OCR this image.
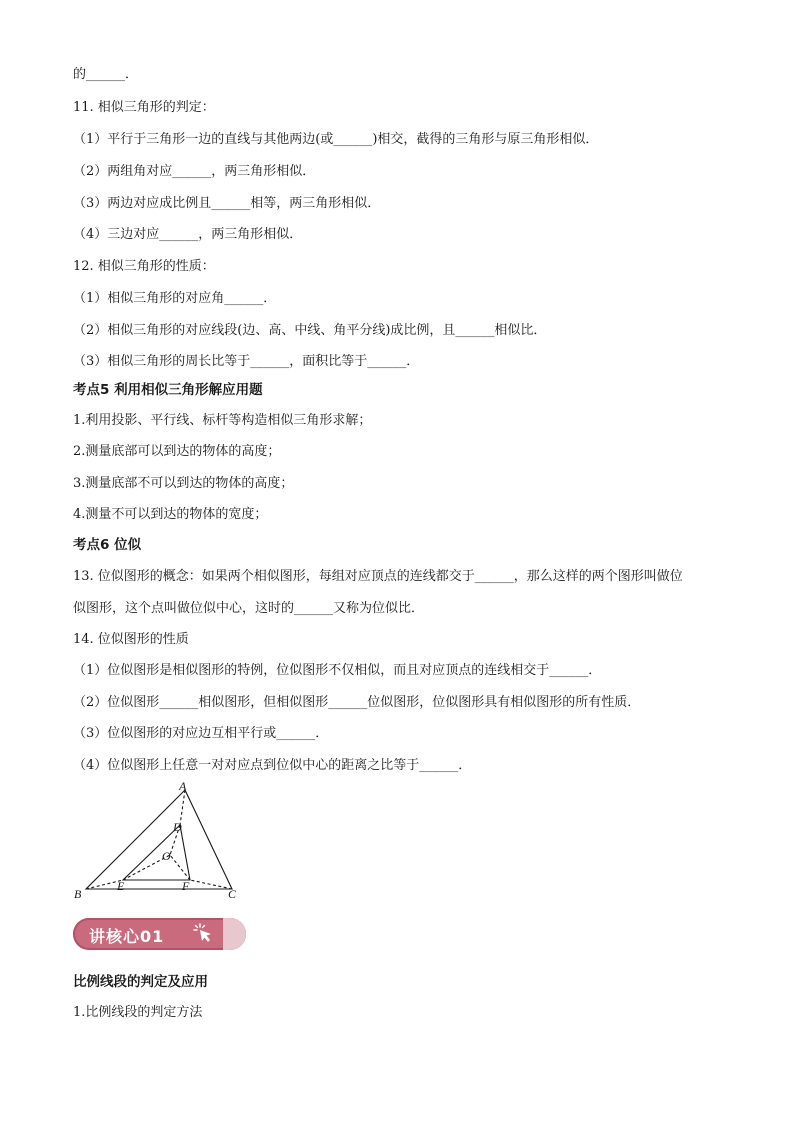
的______．
11. 相似三角形的判定：
（1）平行于三角形一边的直线与其他两边(或______)相交，截得的三角形与原三角形相似．
（2）两组角对应______，两三角形相似．
（3）两边对应成比例且______相等，两三角形相似．
（4）三边对应______，两三角形相似．
12. 相似三角形的性质：
（1）相似三角形的对应角______．
（2）相似三角形的对应线段(边、高、中线、角平分线)成比例，且______相似比．
（3）相似三角形的周长比等于______，面积比等于______．
考点5 利用相似三角形解应用题
1.利用投影、平行线、标杆等构造相似三角形求解；
2.测量底部可以到达的物体的高度；
3.测量底部不可以到达的物体的高度；
4.测量不可以到达的物体的宽度；
考点6 位似
13. 位似图形的概念：如果两个相似图形，每组对应顶点的连线都交于______，那么这样的两个图形叫做位
似图形，这个点叫做位似中心，这时的______又称为位似比．
14. 位似图形的性质
（1）位似图形是相似图形的特例，位似图形不仅相似，而且对应顶点的连线相交于______．
（2）位似图形______相似图形，但相似图形______位似图形，位似图形具有相似图形的所有性质．
（3）位似图形的对应边互相平行或______．
（4）位似图形上任意一对对应点到位似中心的距离之比等于______．
A
B	C
D
E	F
O
讲核心01
比例线段的判定及应用
1.比例线段的判定方法
